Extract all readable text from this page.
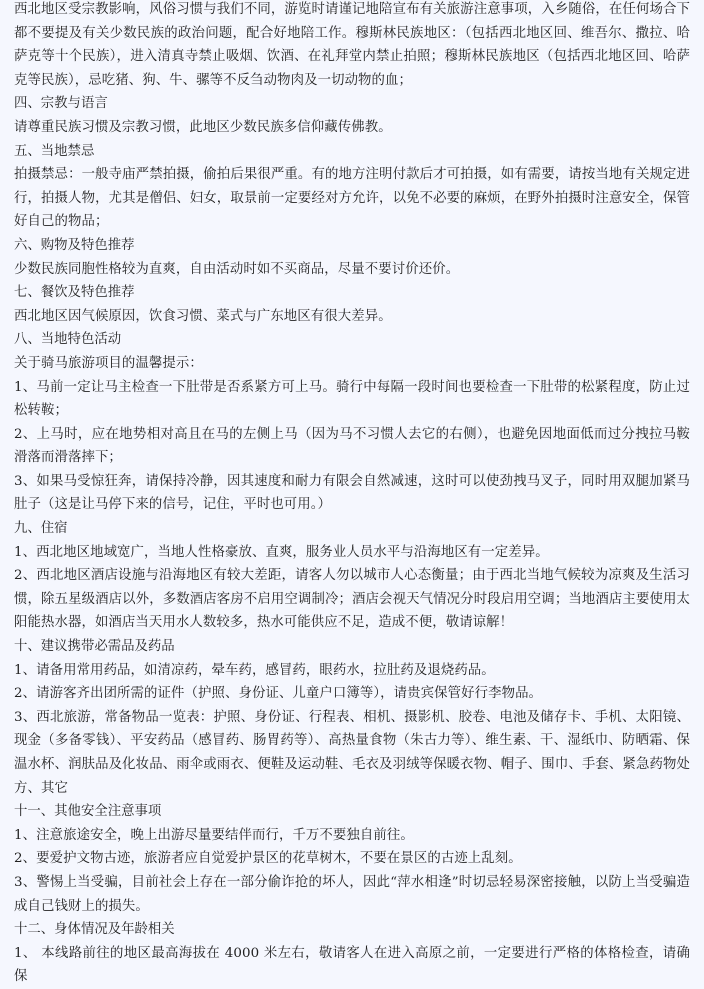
西北地区受宗教影响，风俗习惯与我们不同，游览时请谨记地陪宣布有关旅游注意事项，入乡随俗，在任何场合下都不要提及有关少数民族的政治问题，配合好地陪工作。穆斯林民族地区：（包括西北地区回、维吾尔、撒拉、哈萨克等十个民族），进入清真寺禁止吸烟、饮酒、在礼拜堂内禁止拍照；穆斯林民族地区（包括西北地区回、哈萨克等民族），忌吃猪、狗、牛、骡等不反刍动物肉及一切动物的血；

四、宗教与语言

请尊重民族习惯及宗教习惯，此地区少数民族多信仰藏传佛教。

五、当地禁忌

拍摄禁忌：一般寺庙严禁拍摄，偷拍后果很严重。有的地方注明付款后才可拍摄，如有需要，请按当地有关规定进行，拍摄人物，尤其是僧侣、妇女，取景前一定要经对方允许，以免不必要的麻烦，在野外拍摄时注意安全，保管好自己的物品；

六、购物及特色推荐

少数民族同胞性格较为直爽，自由活动时如不买商品，尽量不要讨价还价。

七、餐饮及特色推荐

西北地区因气候原因，饮食习惯、菜式与广东地区有很大差异。

八、当地特色活动

关于骑马旅游项目的温馨提示：

1、马前一定让马主检查一下肚带是否系紧方可上马。骑行中每隔一段时间也要检查一下肚带的松紧程度，防止过松转鞍；

2、上马时，应在地势相对高且在马的左侧上马（因为马不习惯人去它的右侧），也避免因地面低而过分拽拉马鞍滑落而滑落摔下；

3、如果马受惊狂奔，请保持冷静，因其速度和耐力有限会自然减速，这时可以使劲拽马叉子，同时用双腿加紧马肚子（这是让马停下来的信号，记住，平时也可用。）

九、住宿

1、西北地区地域宽广，当地人性格豪放、直爽，服务业人员水平与沿海地区有一定差异。

2、西北地区酒店设施与沿海地区有较大差距，请客人勿以城市人心态衡量；由于西北当地气候较为凉爽及生活习惯，除五星级酒店以外，多数酒店客房不启用空调制冷；酒店会视天气情况分时段启用空调；当地酒店主要使用太阳能热水器，如酒店当天用水人数较多，热水可能供应不足，造成不便，敬请谅解！

十、建议携带必需品及药品

1、请备用常用药品，如清凉药，晕车药，感冒药，眼药水，拉肚药及退烧药品。

2、请游客齐出团所需的证件（护照、身份证、儿童户口簿等），请贵宾保管好行李物品。

3、西北旅游，常备物品一览表：护照、身份证、行程表、相机、摄影机、胶卷、电池及储存卡、手机、太阳镜、现金（多备零钱）、平安药品（感冒药、肠胃药等）、高热量食物（朱古力等）、维生素、干、湿纸巾、防晒霜、保温水杯、润肤品及化妆品、雨伞或雨衣、便鞋及运动鞋、毛衣及羽绒等保暖衣物、帽子、围巾、手套、紧急药物处方、其它

十一、其他安全注意事项

1、注意旅途安全，晚上出游尽量要结伴而行，千万不要独自前往。

2、要爱护文物古迹，旅游者应自觉爱护景区的花草树木，不要在景区的古迹上乱刻。

3、警惕上当受骗，目前社会上存在一部分偷诈抢的坏人，因此“萍水相逢”时切忌轻易深密接触，以防上当受骗造成自己钱财上的损失。

十二、身体情况及年龄相关

1、 本线路前往的地区最高海拔在 4000 米左右，敬请客人在进入高原之前，一定要进行严格的体格检查，请确保
